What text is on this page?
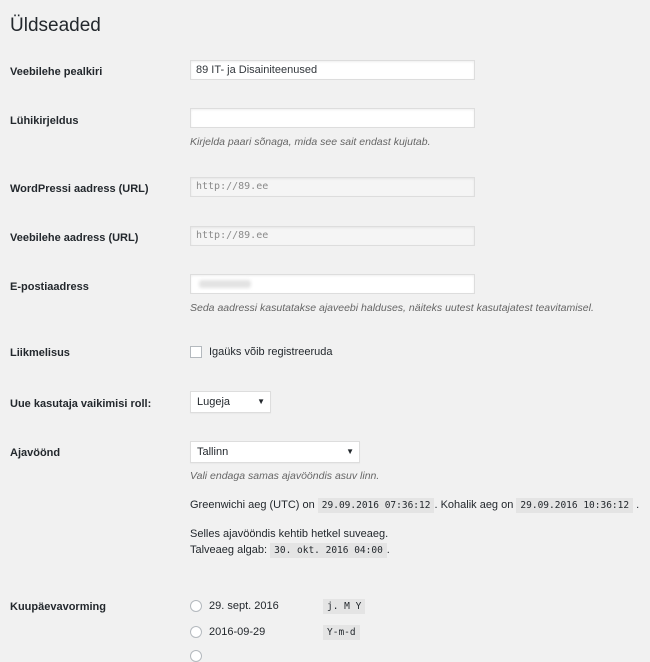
Üldseaded
Veebilehe pealkiri	89 IT- ja Disainiteenused
Lühikirjeldus
Kirjelda paari sõnaga, mida see sait endast kujutab.
WordPressi aadress (URL)	http://89.ee
Veebilehe aadress (URL)	http://89.ee
E-postiaadress
Seda aadressi kasutatakse ajaveebi halduses, näiteks uutest kasutajatest teavitamisel.
Liikmelisus	Igaüks võib registreeruda
Uue kasutaja vaikimisi roll:	Lugeja	▼
Ajavöönd	Tallinn	▼
Vali endaga samas ajavööndis asuv linn.
Greenwichi aeg (UTC) on 29.09.2016 07:36:12 . Kohalik aeg on 29.09.2016 10:36:12 .
Selles ajavööndis kehtib hetkel suveaeg.
Talveaeg algab: 30. okt. 2016 04:00 .
Kuupäevavorming	29. sept. 2016	j. M Y
2016-09-29	Y-m-d
